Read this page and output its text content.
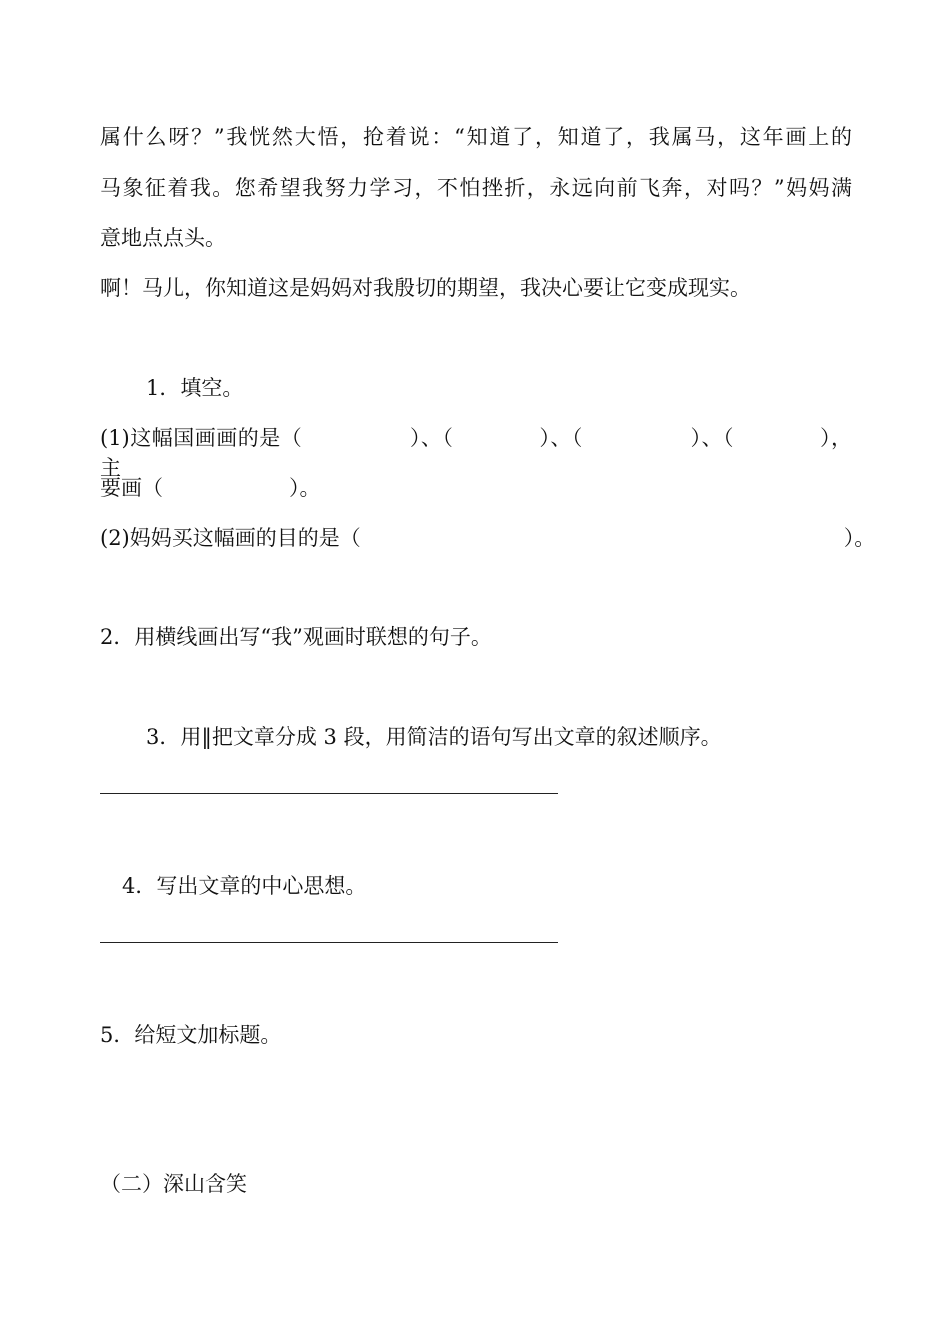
属什么呀？”我恍然大悟，抢着说：“知道了，知道了，我属马，这年画上的
马象征着我。您希望我努力学习，不怕挫折，永远向前飞奔，对吗？”妈妈满
意地点点头。
啊！马儿，你知道这是妈妈对我殷切的期望，我决心要让它变成现实。
1．填空。
(1)这幅国画画的是（　　　　　）、（　　　　）、（　　　　　）、（　　　　），主
要画（　　　　　　）。
(2)妈妈买这幅画的目的是（　　　　　　　　　　　　　　　　　　　　　　　）。
2．用横线画出写“我”观画时联想的句子。
3．用‖把文章分成 3 段，用简洁的语句写出文章的叙述顺序。
4．写出文章的中心思想。
5．给短文加标题。
（二）深山含笑
